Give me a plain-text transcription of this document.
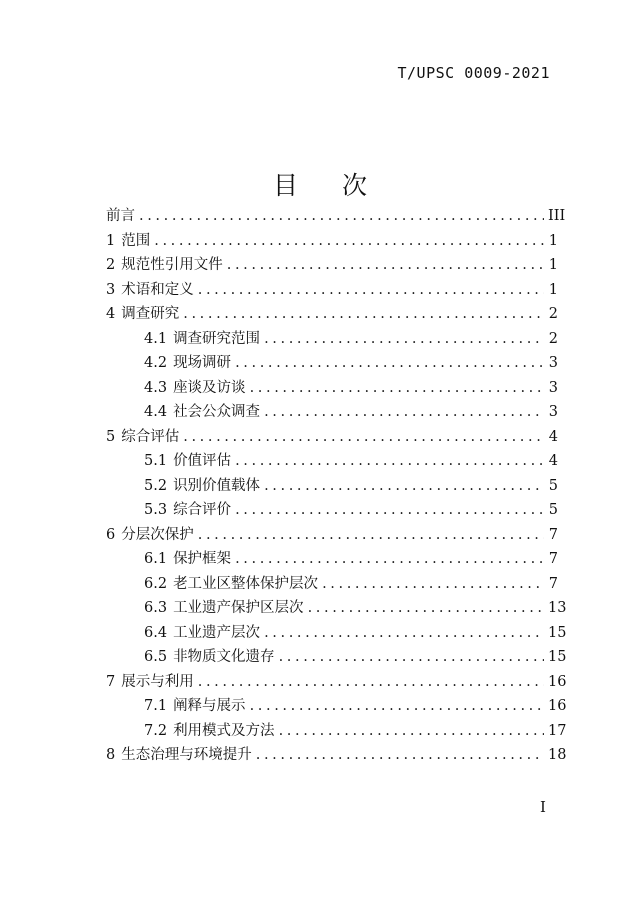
T/UPSC 0009-2021
目 次
前言 .....	III
1 范围 .....	1
2 规范性引用文件 .....	1
3 术语和定义 .....	1
4 调查研究 .....	2
4.1 调查研究范围 .....	2
4.2 现场调研 .....	3
4.3 座谈及访谈 .....	3
4.4 社会公众调查 .....	3
5 综合评估 .....	4
5.1 价值评估 .....	4
5.2 识别价值载体 .....	5
5.3 综合评价 .....	5
6 分层次保护 .....	7
6.1 保护框架 .....	7
6.2 老工业区整体保护层次 .....	7
6.3 工业遗产保护区层次 .....	13
6.4 工业遗产层次 .....	15
6.5 非物质文化遗存 .....	15
7 展示与利用 .....	16
7.1 阐释与展示 .....	16
7.2 利用模式及方法 .....	17
8 生态治理与环境提升 .....	18
I
